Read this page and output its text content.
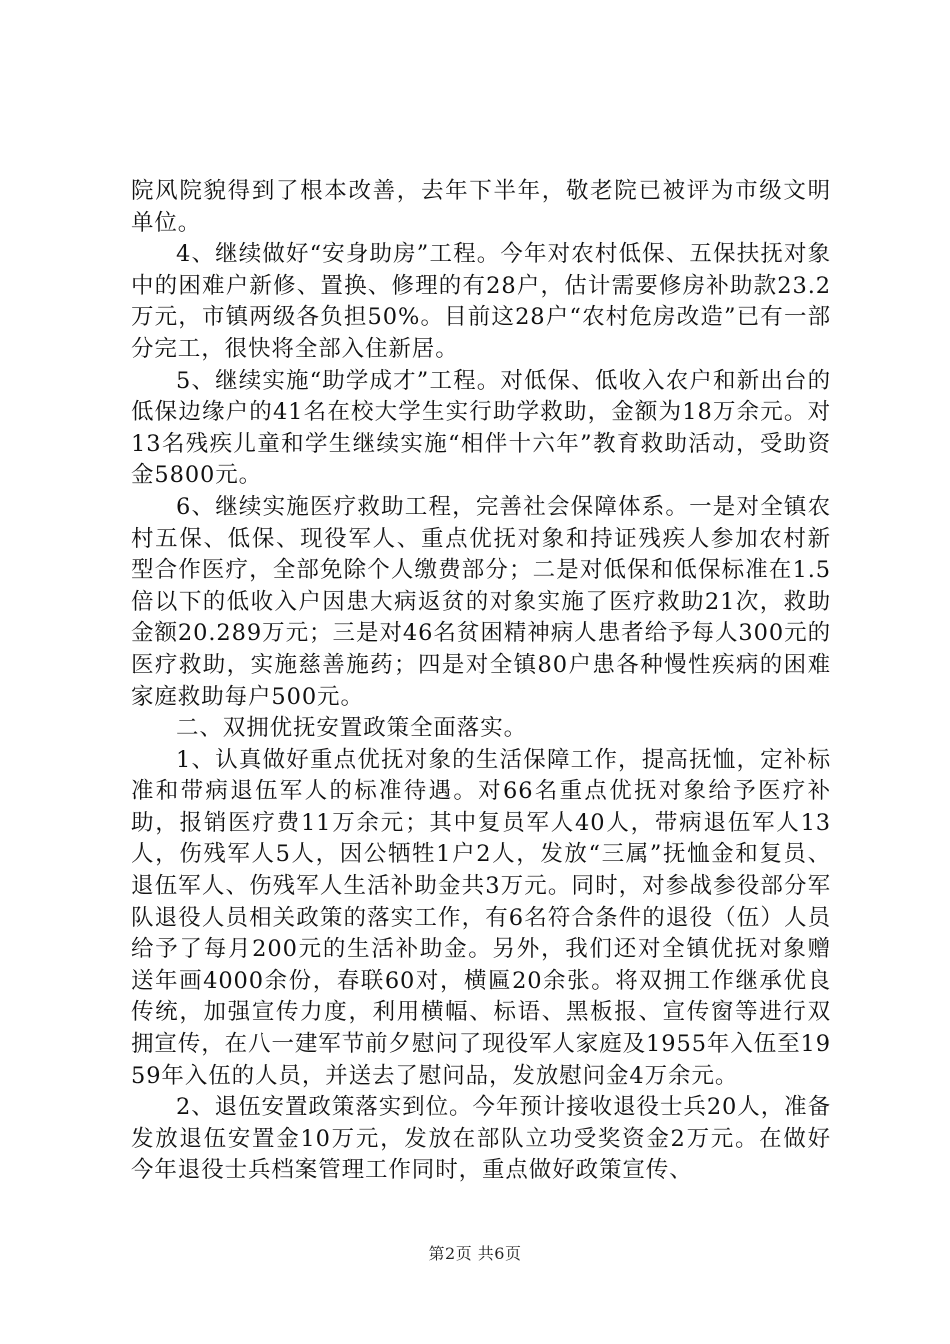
院风院貌得到了根本改善，去年下半年，敬老院已被评为市级文明单位。

4、继续做好“安身助房”工程。今年对农村低保、五保扶抚对象中的困难户新修、置换、修理的有28户，估计需要修房补助款23.2万元，市镇两级各负担50%。目前这28户“农村危房改造”已有一部分完工，很快将全部入住新居。

5、继续实施“助学成才”工程。对低保、低收入农户和新出台的低保边缘户的41名在校大学生实行助学救助，金额为18万余元。对13名残疾儿童和学生继续实施“相伴十六年”教育救助活动，受助资金5800元。

6、继续实施医疗救助工程，完善社会保障体系。一是对全镇农村五保、低保、现役军人、重点优抚对象和持证残疾人参加农村新型合作医疗，全部免除个人缴费部分；二是对低保和低保标准在1.5倍以下的低收入户因患大病返贫的对象实施了医疗救助21次，救助金额20.289万元；三是对46名贫困精神病人患者给予每人300元的医疗救助，实施慈善施药；四是对全镇80户患各种慢性疾病的困难家庭救助每户500元。

二、双拥优抚安置政策全面落实。

1、认真做好重点优抚对象的生活保障工作，提高抚恤，定补标准和带病退伍军人的标准待遇。对66名重点优抚对象给予医疗补助，报销医疗费11万余元；其中复员军人40人，带病退伍军人13人，伤残军人5人，因公牺牲1户2人，发放“三属”抚恤金和复员、退伍军人、伤残军人生活补助金共3万元。同时，对参战参役部分军队退役人员相关政策的落实工作，有6名符合条件的退役（伍）人员给予了每月200元的生活补助金。另外，我们还对全镇优抚对象赠送年画4000余份，春联60对，横匾20余张。将双拥工作继承优良传统，加强宣传力度，利用横幅、标语、黑板报、宣传窗等进行双拥宣传，在八一建军节前夕慰问了现役军人家庭及1955年入伍至1959年入伍的人员，并送去了慰问品，发放慰问金4万余元。

2、退伍安置政策落实到位。今年预计接收退役士兵20人，准备发放退伍安置金10万元，发放在部队立功受奖资金2万元。在做好今年退役士兵档案管理工作同时，重点做好政策宣传、

第2页 共6页
